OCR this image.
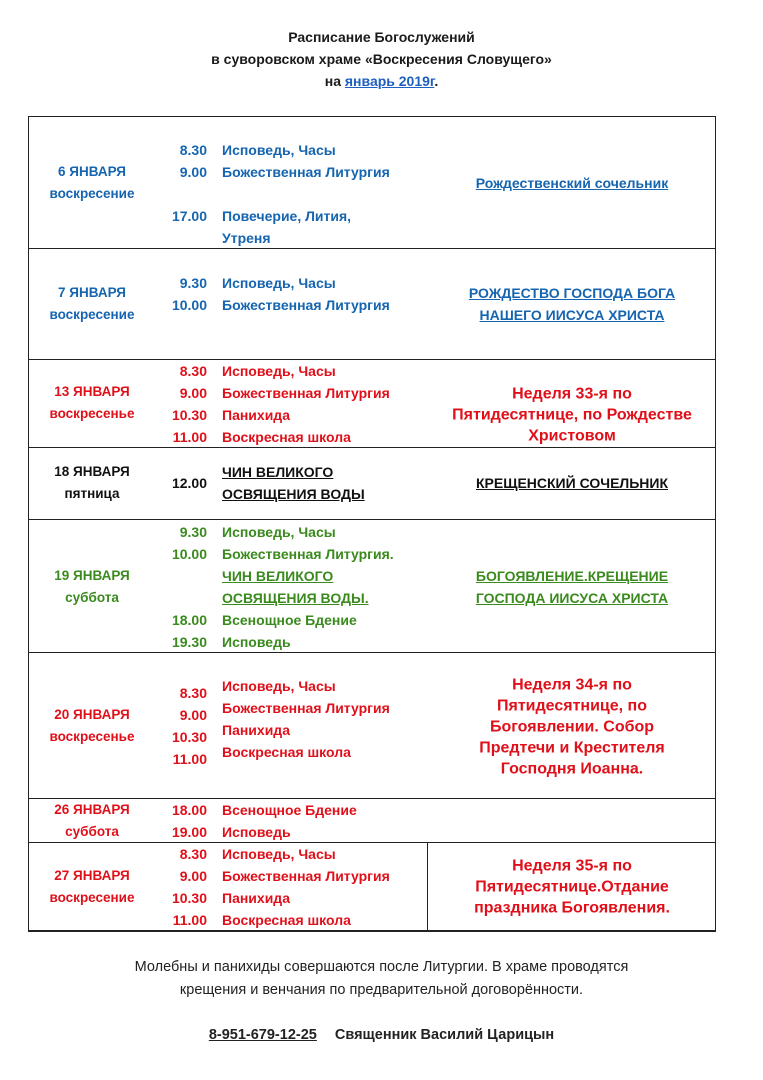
Расписание Богослужений
в суворовском храме «Воскресения Словущего»
на январь 2019г.
6 ЯНВАРЯ
воскресение
8.30
9.00

17.00
Исповедь, Часы
Божественная Литургия

Повечерие, Лития,
Утреня
Рождественский сочельник
7 ЯНВАРЯ
воскресение
9.30
10.00
Исповедь, Часы
Божественная Литургия
РОЖДЕСТВО ГОСПОДА БОГА
НАШЕГО ИИСУСА ХРИСТА
13 ЯНВАРЯ
воскресенье
8.30
9.00
10.30
11.00
Исповедь, Часы
Божественная Литургия
Панихида
Воскресная школа
Неделя 33-я по
Пятидесятнице, по Рождестве
Христовом
18 ЯНВАРЯ
пятница
12.00
ЧИН ВЕЛИКОГО
ОСВЯЩЕНИЯ ВОДЫ
КРЕЩЕНСКИЙ СОЧЕЛЬНИК
19 ЯНВАРЯ
суббота
9.30
10.00

18.00
19.30
Исповедь, Часы
Божественная Литургия.
ЧИН ВЕЛИКОГО
ОСВЯЩЕНИЯ ВОДЫ.
Всенощное Бдение
Исповедь
БОГОЯВЛЕНИЕ.КРЕЩЕНИЕ
ГОСПОДА ИИСУСА ХРИСТА
20 ЯНВАРЯ
воскресенье
8.30
9.00
10.30
11.00
Исповедь, Часы
Божественная Литургия
Панихида
Воскресная школа
Неделя 34-я по
Пятидесятнице, по
Богоявлении. Собор
Предтечи и Крестителя
Господня Иоанна.
26 ЯНВАРЯ
суббота
18.00
19.00
Всенощное Бдение
Исповедь
27 ЯНВАРЯ
воскресение
8.30
9.00
10.30
11.00
Исповедь, Часы
Божественная Литургия
Панихида
Воскресная школа
Неделя 35-я по
Пятидесятнице.Отдание
праздника Богоявления.
Молебны и панихиды совершаются после Литургии. В храме проводятся
крещения и венчания по предварительной договорённости.
8-951-679-12-25 Священник Василий Царицын
